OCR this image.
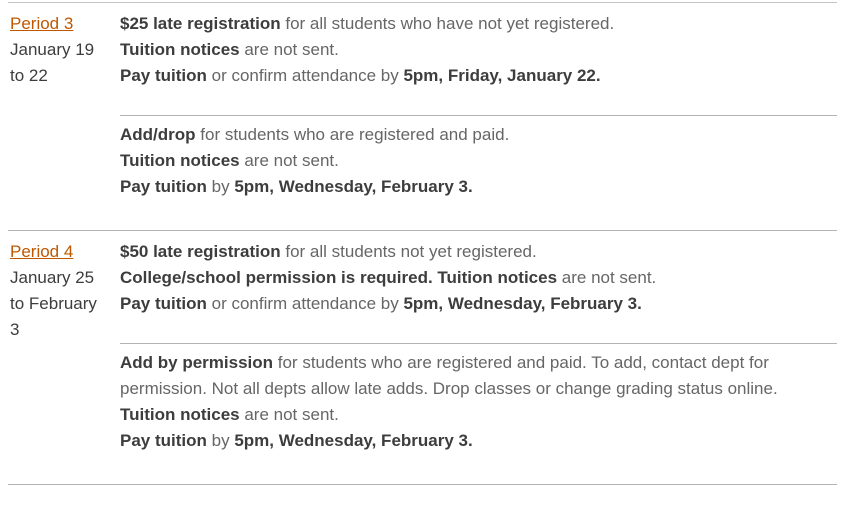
Period 3
January 19 to 22

$25 late registration for all students who have not yet registered.

Tuition notices are not sent.

Pay tuition or confirm attendance by 5pm, Friday, January 22.

Add/drop for students who are registered and paid.

Tuition notices are not sent.

Pay tuition by 5pm, Wednesday, February 3.

Period 4
January 25 to February 3

$50 late registration for all students not yet registered.

College/school permission is required. Tuition notices are not sent.

Pay tuition or confirm attendance by 5pm, Wednesday, February 3.

Add by permission for students who are registered and paid. To add, contact dept for permission. Not all depts allow late adds. Drop classes or change grading status online.

Tuition notices are not sent.

Pay tuition by 5pm, Wednesday, February 3.
